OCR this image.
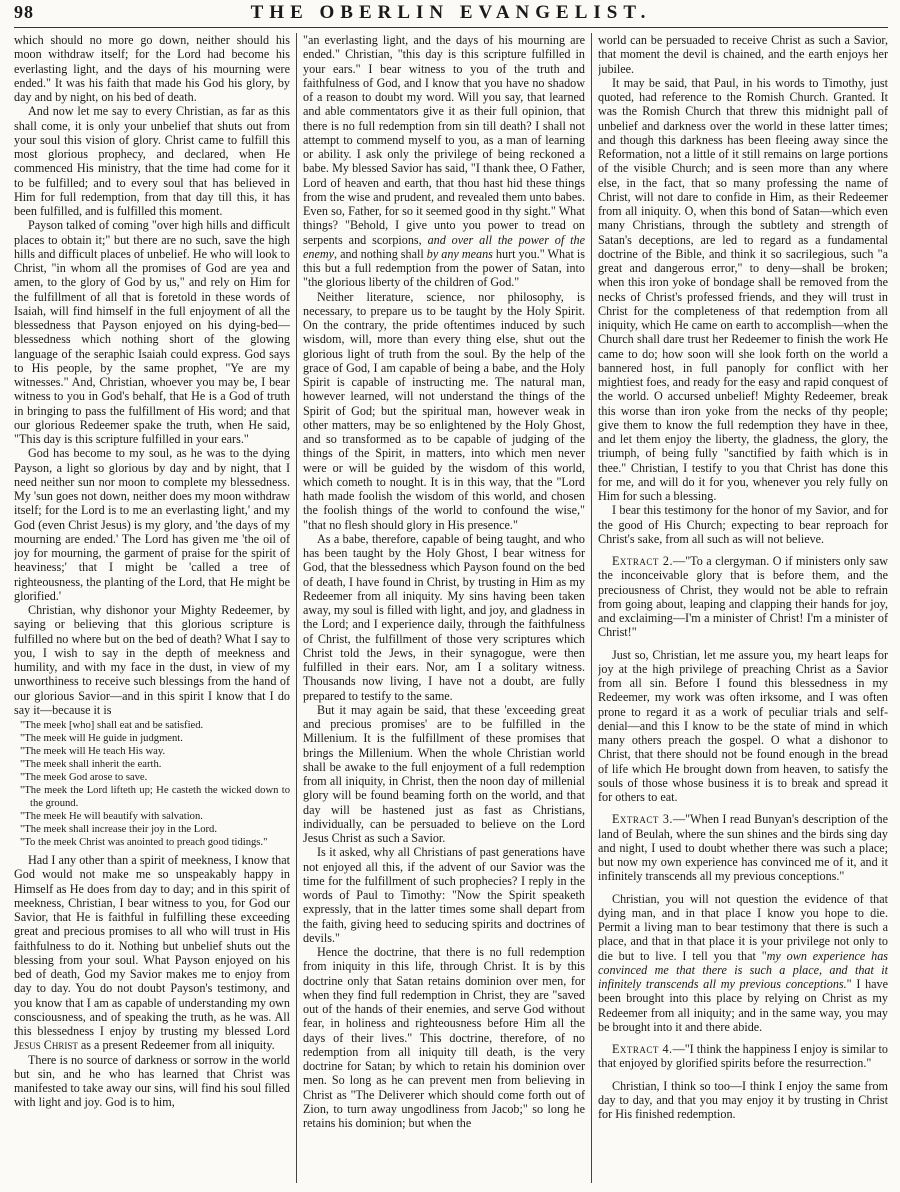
98	THE OBERLIN EVANGELIST.

which should no more go down, neither should his moon withdraw itself; for the Lord had become his everlasting light, and the days of his mourning were ended." It was his faith that made his God his glory, by day and by night, on his bed of death.

And now let me say to every Christian, as far as this shall come, it is only your unbelief that shuts out from your soul this vision of glory. Christ came to fulfill this most glorious prophecy, and declared, when He commenced His ministry, that the time had come for it to be fulfilled; and to every soul that has believed in Him for full redemption, from that day till this, it has been fulfilled, and is fulfilled this moment.

Payson talked of coming "over high hills and difficult places to obtain it;" but there are no such, save the high hills and difficult places of unbelief. He who will look to Christ, "in whom all the promises of God are yea and amen, to the glory of God by us," and rely on Him for the fulfillment of all that is foretold in these words of Isaiah, will find himself in the full enjoyment of all the blessedness that Payson enjoyed on his dying-bed—blessedness which nothing short of the glowing language of the seraphic Isaiah could express. God says to His people, by the same prophet, "Ye are my witnesses." And, Christian, whoever you may be, I bear witness to you in God's behalf, that He is a God of truth in bringing to pass the fulfillment of His word; and that our glorious Redeemer spake the truth, when He said, "This day is this scripture fulfilled in your ears."

God has become to my soul, as he was to the dying Payson, a light so glorious by day and by night, that I need neither sun nor moon to complete my blessedness. My 'sun goes not down, neither does my moon withdraw itself; for the Lord is to me an everlasting light,' and my God (even Christ Jesus) is my glory, and 'the days of my mourning are ended.' The Lord has given me 'the oil of joy for mourning, the garment of praise for the spirit of heaviness;' that I might be 'called a tree of righteousness, the planting of the Lord, that He might be glorified.'

Christian, why dishonor your Mighty Redeemer, by saying or believing that this glorious scripture is fulfilled no where but on the bed of death? What I say to you, I wish to say in the depth of meekness and humility, and with my face in the dust, in view of my unworthiness to receive such blessings from the hand of our glorious Savior—and in this spirit I know that I do say it—because it is

"The meek [who] shall eat and be satisfied.
"The meek will He guide in judgment.
"The meek will He teach His way.
"The meek shall inherit the earth.
"The meek God arose to save.
"The meek the Lord lifteth up; He casteth the wicked down to the ground.
"The meek He will beautify with salvation.
"The meek shall increase their joy in the Lord.
"To the meek Christ was anointed to preach good tidings."

Had I any other than a spirit of meekness, I know that God would not make me so unspeakably happy in Himself as He does from day to day; and in this spirit of meekness, Christian, I bear witness to you, for God our Savior, that He is faithful in fulfilling these exceeding great and precious promises to all who will trust in His faithfulness to do it. Nothing but unbelief shuts out the blessing from your soul. What Payson enjoyed on his bed of death, God my Savior makes me to enjoy from day to day. You do not doubt Payson's testimony, and you know that I am as capable of understanding my own consciousness, and of speaking the truth, as he was. All this blessedness I enjoy by trusting my blessed Lord Jesus Christ as a present Redeemer from all iniquity.

There is no source of darkness or sorrow in the world but sin, and he who has learned that Christ was manifested to take away our sins, will find his soul filled with light and joy. God is to him,

"an everlasting light, and the days of his mourning are ended." Christian, "this day is this scripture fulfilled in your ears." I bear witness to you of the truth and faithfulness of God, and I know that you have no shadow of a reason to doubt my word. Will you say, that learned and able commentators give it as their full opinion, that there is no full redemption from sin till death? I shall not attempt to commend myself to you, as a man of learning or ability. I ask only the privilege of being reckoned a babe. My blessed Savior has said, "I thank thee, O Father, Lord of heaven and earth, that thou hast hid these things from the wise and prudent, and revealed them unto babes. Even so, Father, for so it seemed good in thy sight." What things? "Behold, I give unto you power to tread on serpents and scorpions, and over all the power of the enemy, and nothing shall by any means hurt you." What is this but a full redemption from the power of Satan, into "the glorious liberty of the children of God."

Neither literature, science, nor philosophy, is necessary, to prepare us to be taught by the Holy Spirit. On the contrary, the pride oftentimes induced by such wisdom, will, more than every thing else, shut out the glorious light of truth from the soul. By the help of the grace of God, I am capable of being a babe, and the Holy Spirit is capable of instructing me. The natural man, however learned, will not understand the things of the Spirit of God; but the spiritual man, however weak in other matters, may be so enlightened by the Holy Ghost, and so transformed as to be capable of judging of the things of the Spirit, in matters, into which men never were or will be guided by the wisdom of this world, which cometh to nought. It is in this way, that the "Lord hath made foolish the wisdom of this world, and chosen the foolish things of the world to confound the wise," "that no flesh should glory in His presence."

As a babe, therefore, capable of being taught, and who has been taught by the Holy Ghost, I bear witness for God, that the blessedness which Payson found on the bed of death, I have found in Christ, by trusting in Him as my Redeemer from all iniquity. My sins having been taken away, my soul is filled with light, and joy, and gladness in the Lord; and I experience daily, through the faithfulness of Christ, the fulfillment of those very scriptures which Christ told the Jews, in their synagogue, were then fulfilled in their ears. Nor, am I a solitary witness. Thousands now living, I have not a doubt, are fully prepared to testify to the same.

But it may again be said, that these 'exceeding great and precious promises' are to be fulfilled in the Millenium. It is the fulfillment of these promises that brings the Millenium. When the whole Christian world shall be awake to the full enjoyment of a full redemption from all iniquity, in Christ, then the noon day of millenial glory will be found beaming forth on the world, and that day will be hastened just as fast as Christians, individually, can be persuaded to believe on the Lord Jesus Christ as such a Savior.

Is it asked, why all Christians of past generations have not enjoyed all this, if the advent of our Savior was the time for the fulfillment of such prophecies? I reply in the words of Paul to Timothy: "Now the Spirit speaketh expressly, that in the latter times some shall depart from the faith, giving heed to seducing spirits and doctrines of devils."

Hence the doctrine, that there is no full redemption from iniquity in this life, through Christ. It is by this doctrine only that Satan retains dominion over men, for when they find full redemption in Christ, they are "saved out of the hands of their enemies, and serve God without fear, in holiness and righteousness before Him all the days of their lives." This doctrine, therefore, of no redemption from all iniquity till death, is the very doctrine for Satan; by which to retain his dominion over men. So long as he can prevent men from believing in Christ as "The Deliverer which should come forth out of Zion, to turn away ungodliness from Jacob;" so long he retains his dominion; but when the

world can be persuaded to receive Christ as such a Savior, that moment the devil is chained, and the earth enjoys her jubilee.

It may be said, that Paul, in his words to Timothy, just quoted, had reference to the Romish Church. Granted. It was the Romish Church that threw this midnight pall of unbelief and darkness over the world in these latter times; and though this darkness has been fleeing away since the Reformation, not a little of it still remains on large portions of the visible Church; and is seen more than any where else, in the fact, that so many professing the name of Christ, will not dare to confide in Him, as their Redeemer from all iniquity. O, when this bond of Satan—which even many Christians, through the subtlety and strength of Satan's deceptions, are led to regard as a fundamental doctrine of the Bible, and think it so sacrilegious, such "a great and dangerous error," to deny—shall be broken; when this iron yoke of bondage shall be removed from the necks of Christ's professed friends, and they will trust in Christ for the completeness of that redemption from all iniquity, which He came on earth to accomplish—when the Church shall dare trust her Redeemer to finish the work He came to do; how soon will she look forth on the world a bannered host, in full panoply for conflict with her mightiest foes, and ready for the easy and rapid conquest of the world. O accursed unbelief! Mighty Redeemer, break this worse than iron yoke from the necks of thy people; give them to know the full redemption they have in thee, and let them enjoy the liberty, the gladness, the glory, the triumph, of being fully "sanctified by faith which is in thee." Christian, I testify to you that Christ has done this for me, and will do it for you, whenever you rely fully on Him for such a blessing.

I bear this testimony for the honor of my Savior, and for the good of His Church; expecting to bear reproach for Christ's sake, from all such as will not believe.

Extract 2.—"To a clergyman. O if ministers only saw the inconceivable glory that is before them, and the preciousness of Christ, they would not be able to refrain from going about, leaping and clapping their hands for joy, and exclaiming—I'm a minister of Christ! I'm a minister of Christ!"

Just so, Christian, let me assure you, my heart leaps for joy at the high privilege of preaching Christ as a Savior from all sin. Before I found this blessedness in my Redeemer, my work was often irksome, and I was often prone to regard it as a work of peculiar trials and self-denial—and this I know to be the state of mind in which many others preach the gospel. O what a dishonor to Christ, that there should not be found enough in the bread of life which He brought down from heaven, to satisfy the souls of those whose business it is to break and spread it for others to eat.

Extract 3.—"When I read Bunyan's description of the land of Beulah, where the sun shines and the birds sing day and night, I used to doubt whether there was such a place; but now my own experience has convinced me of it, and it infinitely transcends all my previous conceptions."

Christian, you will not question the evidence of that dying man, and in that place I know you hope to die. Permit a living man to bear testimony that there is such a place, and that in that place it is your privilege not only to die but to live. I tell you that "my own experience has convinced me that there is such a place, and that it infinitely transcends all my previous conceptions." I have been brought into this place by relying on Christ as my Redeemer from all iniquity; and in the same way, you may be brought into it and there abide.

Extract 4.—"I think the happiness I enjoy is similar to that enjoyed by glorified spirits before the resurrection."

Christian, I think so too—I think I enjoy the same from day to day, and that you may enjoy it by trusting in Christ for His finished redemption.
